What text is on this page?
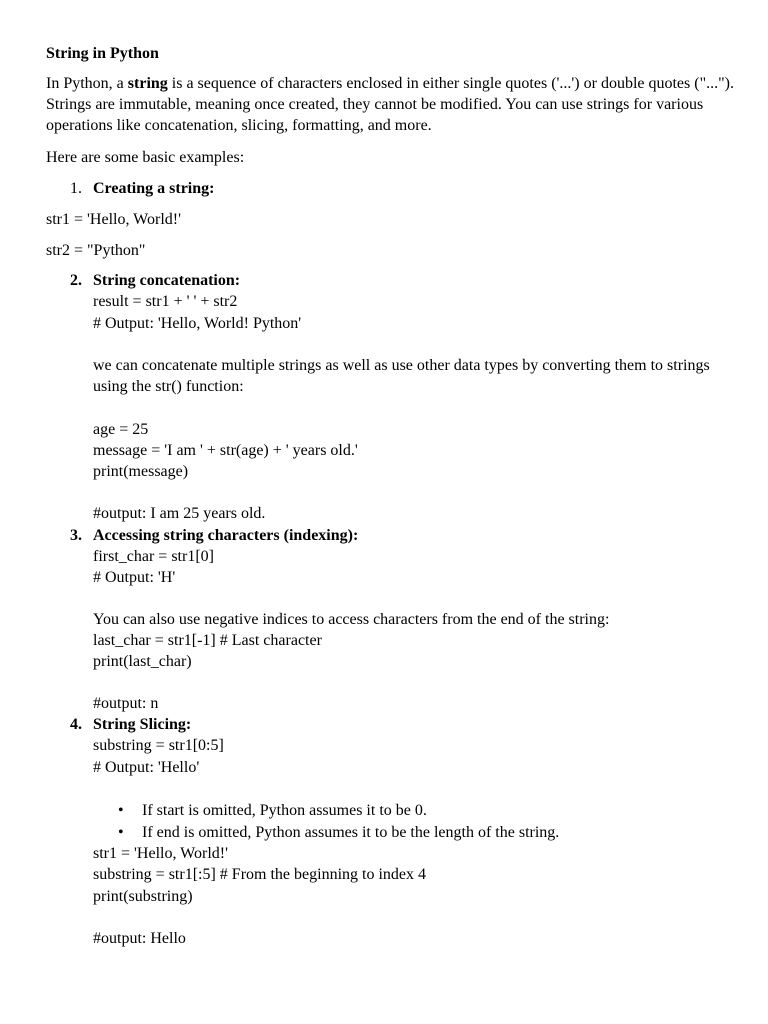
String in Python

In Python, a string is a sequence of characters enclosed in either single quotes ('...') or double quotes ("..."). Strings are immutable, meaning once created, they cannot be modified. You can use strings for various operations like concatenation, slicing, formatting, and more.

Here are some basic examples:

1. Creating a string:

str1 = 'Hello, World!'

str2 = "Python"

2. String concatenation:

result = str1 + ' ' + str2

# Output: 'Hello, World! Python'

we can concatenate multiple strings as well as use other data types by converting them to strings using the str() function:

age = 25

message = 'I am ' + str(age) + ' years old.'

print(message)

#output: I am 25 years old.

3. Accessing string characters (indexing):

first_char = str1[0]

# Output: 'H'

You can also use negative indices to access characters from the end of the string:

last_char = str1[-1] # Last character

print(last_char)

#output: n

4. String Slicing:

substring = str1[0:5]

# Output: 'Hello'

• If start is omitted, Python assumes it to be 0.
• If end is omitted, Python assumes it to be the length of the string.

str1 = 'Hello, World!'

substring = str1[:5] # From the beginning to index 4

print(substring)

#output: Hello
